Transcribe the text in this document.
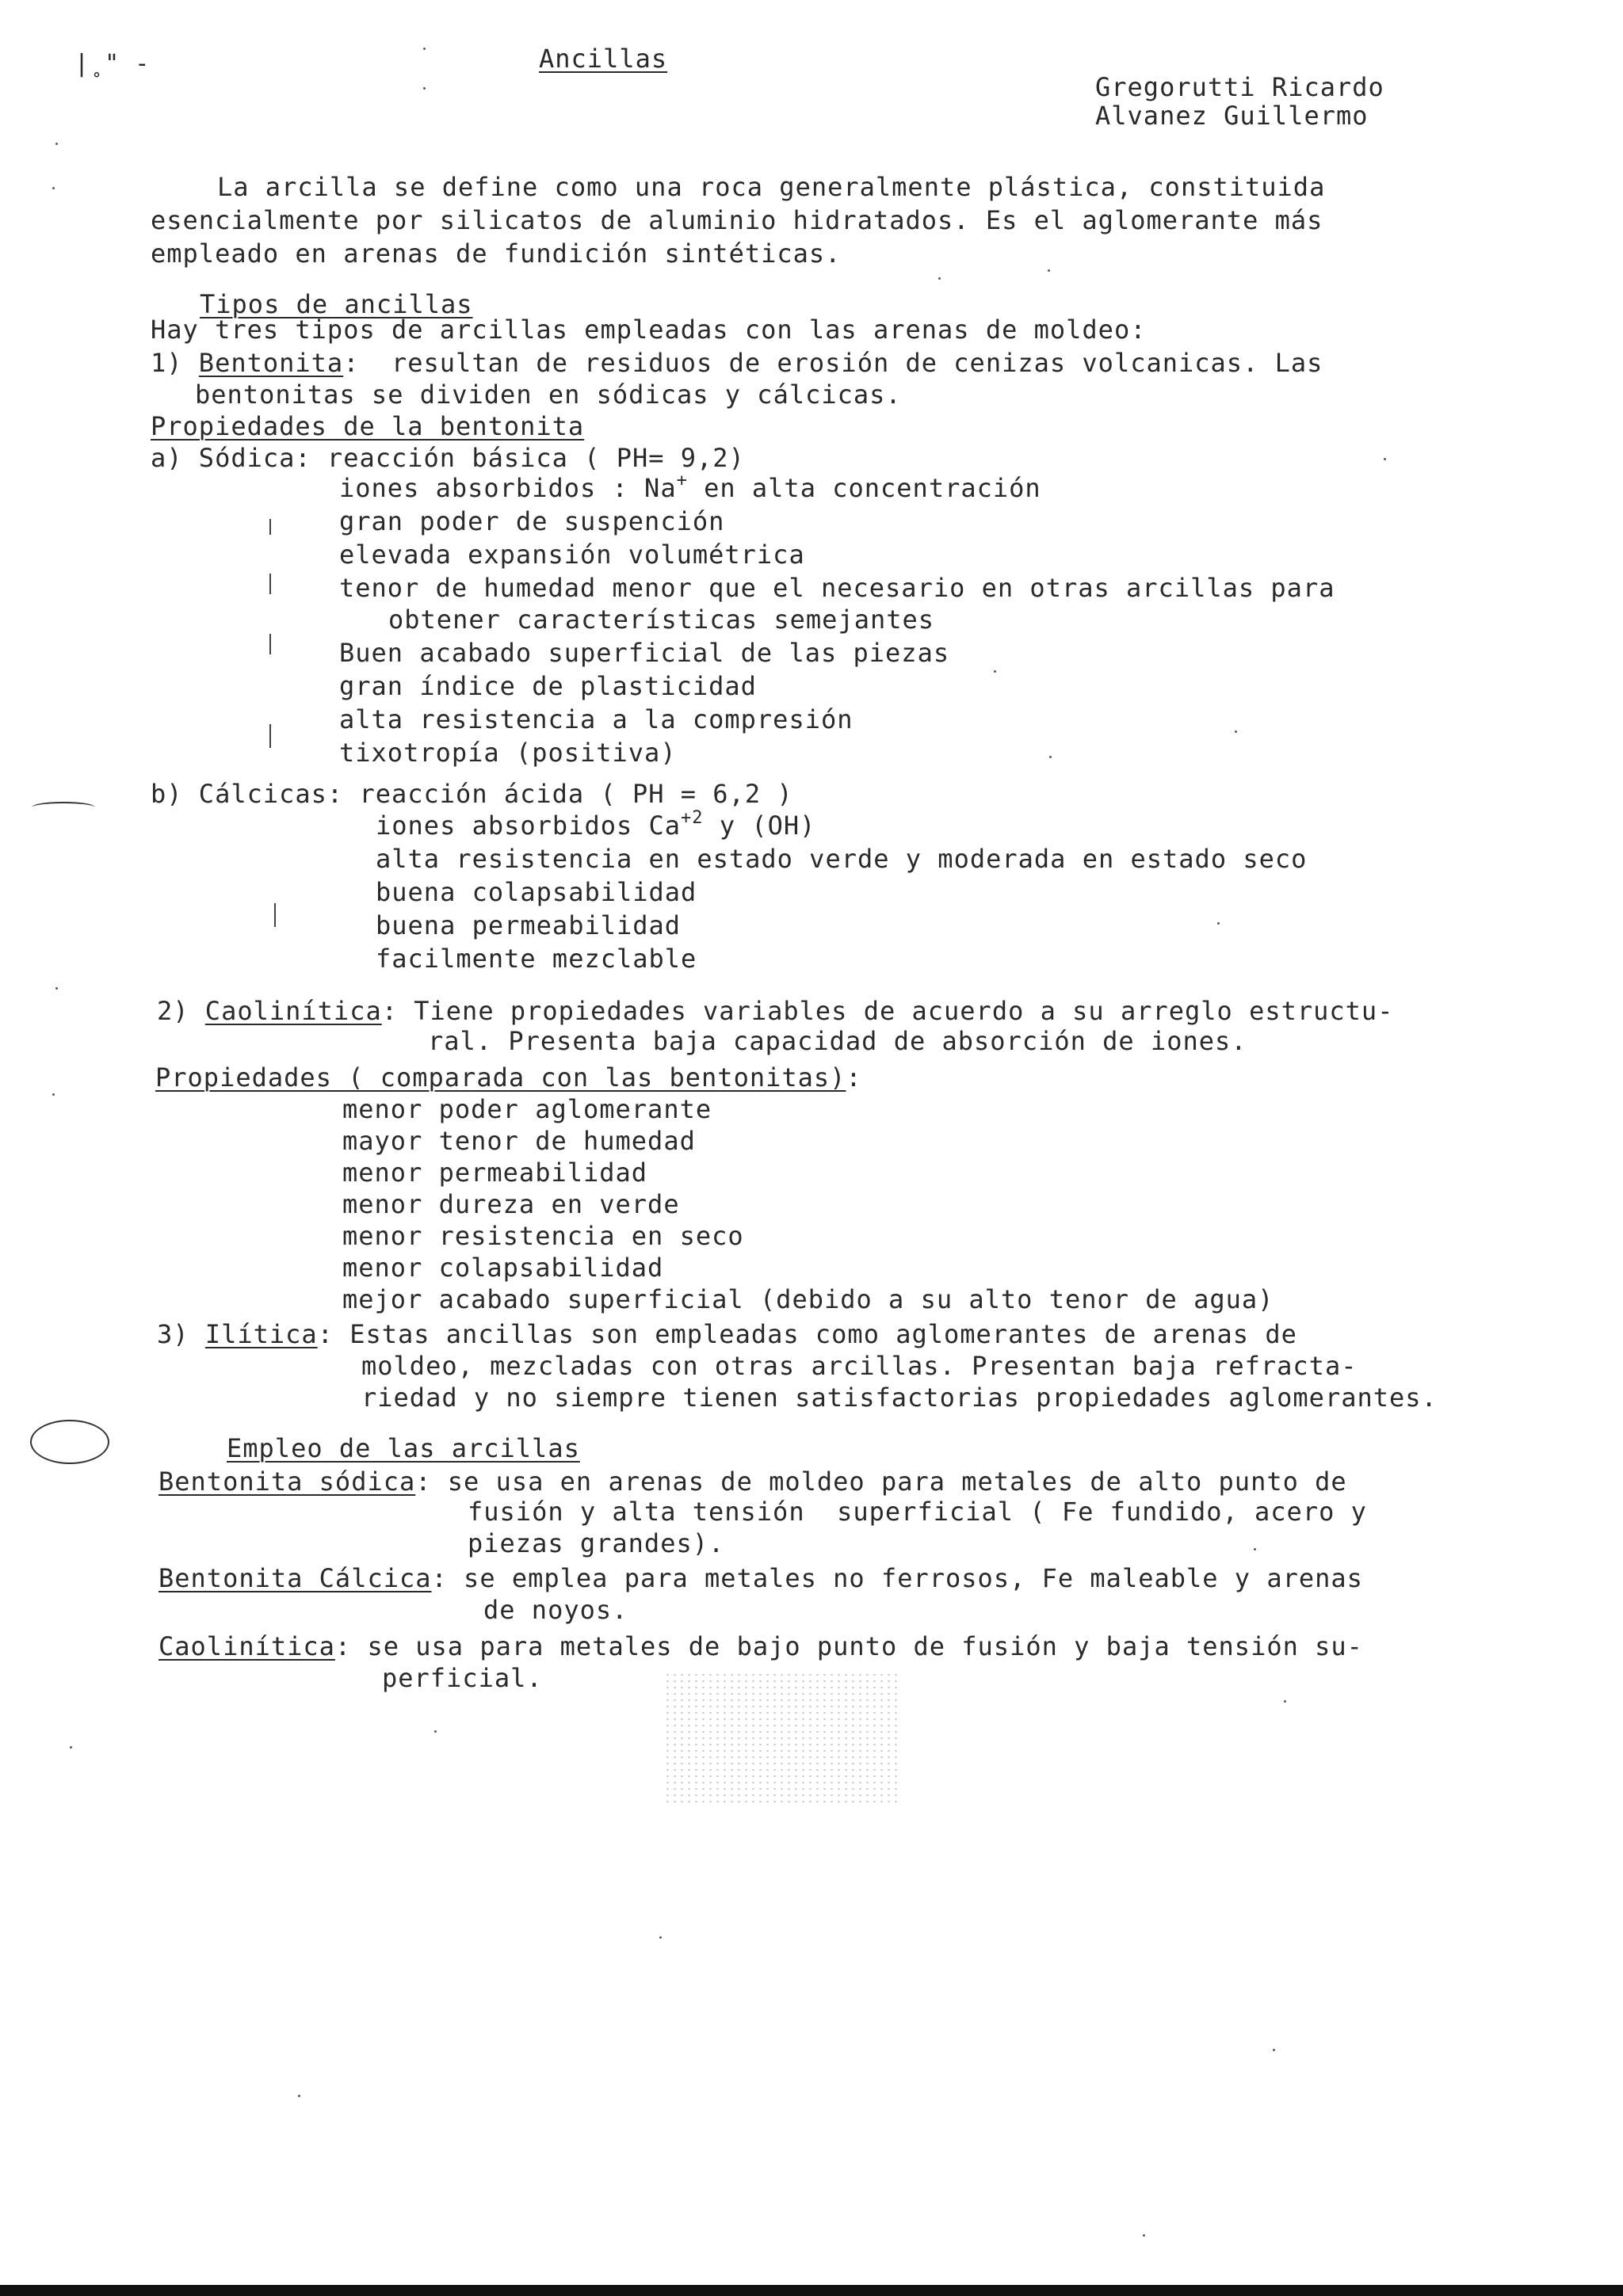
|˳" -	Ancillas
Gregorutti Ricardo
Alvanez Guillermo
La arcilla se define como una roca generalmente plástica, constituida
esencialmente por silicatos de aluminio hidratados. Es el aglomerante más
empleado en arenas de fundición sintéticas.
Tipos de ancillas
Hay tres tipos de arcillas empleadas con las arenas de moldeo:
1) Bentonita:  resultan de residuos de erosión de cenizas volcanicas. Las
bentonitas se dividen en sódicas y cálcicas.
Propiedades de la bentonita
a) Sódica: reacción básica ( PH= 9,2)
iones absorbidos : Na+ en alta concentración
gran poder de suspención
elevada expansión volumétrica
tenor de humedad menor que el necesario en otras arcillas para
obtener características semejantes
Buen acabado superficial de las piezas
gran índice de plasticidad
alta resistencia a la compresión
tixotropía (positiva)
b) Cálcicas: reacción ácida ( PH = 6,2 )
iones absorbidos $Ca^{+2}$ y (OH)
alta resistencia en estado verde y moderada en estado seco
buena colapsabilidad
buena permeabilidad
facilmente mezclable
2) Caolinítica: Tiene propiedades variables de acuerdo a su arreglo estructu-
ral. Presenta baja capacidad de absorción de iones.
Propiedades ( comparada con las bentonitas):
menor poder aglomerante
mayor tenor de humedad
menor permeabilidad
menor dureza en verde
menor resistencia en seco
menor colapsabilidad
mejor acabado superficial (debido a su alto tenor de agua)
3) Ilítica: Estas ancillas son empleadas como aglomerantes de arenas de
moldeo, mezcladas con otras arcillas. Presentan baja refracta-
riedad y no siempre tienen satisfactorias propiedades aglomerantes.
Empleo de las arcillas
Bentonita sódica: se usa en arenas de moldeo para metales de alto punto de
fusión y alta tensión  superficial ( Fe fundido, acero y
piezas grandes).
Bentonita Cálcica: se emplea para metales no ferrosos, Fe maleable y arenas
de noyos.
Caolinítica: se usa para metales de bajo punto de fusión y baja tensión su-
perficial.
